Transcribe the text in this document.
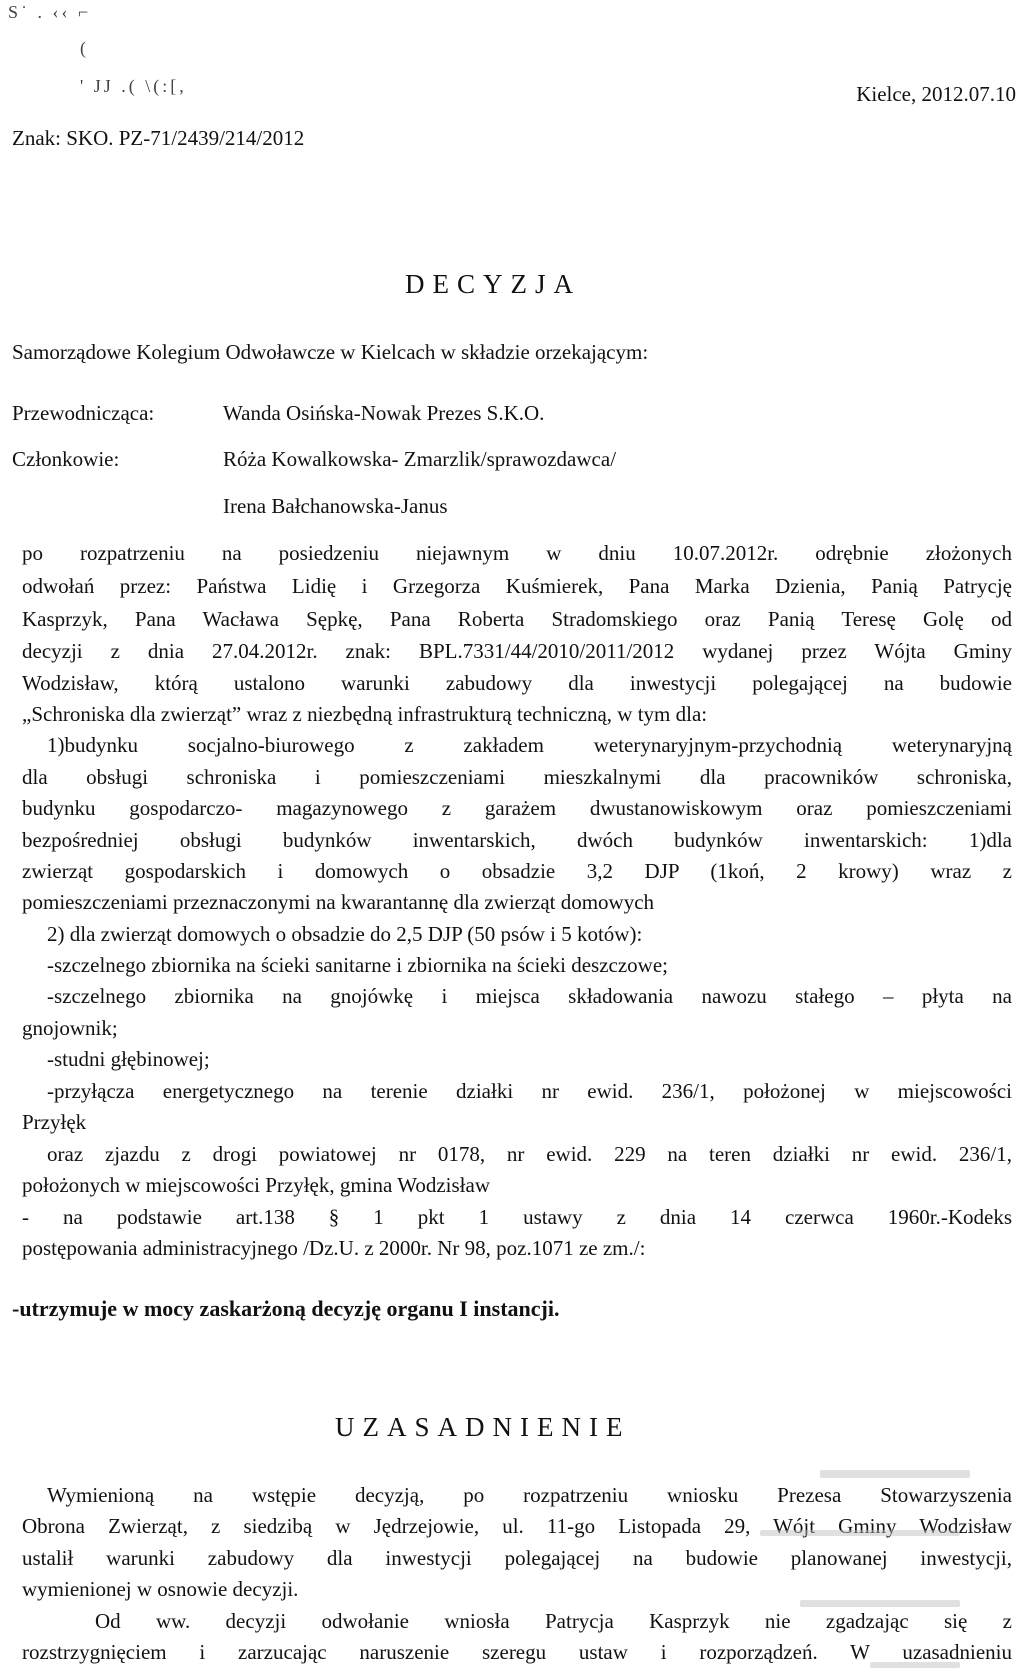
S˙ . ‹‹ ⌐
(
' JJ .( \(:[,	Kielce, 2012.07.10
Znak: SKO. PZ-71/2439/214/2012
DECYZJA
Samorządowe Kolegium Odwoławcze w Kielcach w składzie orzekającym:
Przewodnicząca:	Wanda Osińska-Nowak Prezes S.K.O.
Członkowie:	Róża Kowalkowska- Zmarzlik/sprawozdawca/
Irena Bałchanowska-Janus
po rozpatrzeniu na posiedzeniu niejawnym w dniu 10.07.2012r. odrębnie złożonych
odwołań przez: Państwa Lidię i Grzegorza Kuśmierek, Pana Marka Dzienia, Panią Patrycję
Kasprzyk, Pana Wacława Sępkę, Pana Roberta Stradomskiego oraz Panią Teresę Golę od
decyzji z dnia 27.04.2012r. znak: BPL.7331/44/2010/2011/2012 wydanej przez Wójta Gminy
Wodzisław, którą ustalono warunki zabudowy dla inwestycji polegającej na budowie
„Schroniska dla zwierząt” wraz z niezbędną infrastrukturą techniczną, w tym dla:
1)budynku socjalno-biurowego z zakładem weterynaryjnym-przychodnią weterynaryjną
dla obsługi schroniska i pomieszczeniami mieszkalnymi dla pracowników schroniska,
budynku gospodarczo- magazynowego z garażem dwustanowiskowym oraz pomieszczeniami
bezpośredniej obsługi budynków inwentarskich, dwóch budynków inwentarskich: 1)dla
zwierząt gospodarskich i domowych o obsadzie 3,2 DJP (1koń, 2 krowy) wraz z
pomieszczeniami przeznaczonymi na kwarantannę dla zwierząt domowych
2) dla zwierząt domowych o obsadzie do 2,5 DJP (50 psów i 5 kotów):
-szczelnego zbiornika na ścieki sanitarne i zbiornika na ścieki deszczowe;
-szczelnego zbiornika na gnojówkę i miejsca składowania nawozu stałego – płyta na
gnojownik;
-studni głębinowej;
-przyłącza energetycznego na terenie działki nr ewid. 236/1, położonej w miejscowości
Przyłęk
oraz zjazdu z drogi powiatowej nr 0178, nr ewid. 229 na teren działki nr ewid. 236/1,
położonych w miejscowości Przyłęk, gmina Wodzisław
- na podstawie art.138 § 1 pkt 1 ustawy z dnia 14 czerwca 1960r.-Kodeks
postępowania administracyjnego /Dz.U. z 2000r. Nr 98, poz.1071 ze zm./:
-utrzymuje w mocy zaskarżoną decyzję organu I instancji.
UZASADNIENIE
Wymienioną na wstępie decyzją, po rozpatrzeniu wniosku Prezesa Stowarzyszenia
Obrona Zwierząt, z siedzibą w Jędrzejowie, ul. 11-go Listopada 29, Wójt Gminy Wodzisław
ustalił warunki zabudowy dla inwestycji polegającej na budowie planowanej inwestycji,
wymienionej w osnowie decyzji.
Od ww. decyzji odwołanie wniosła Patrycja Kasprzyk nie zgadzając się z
rozstrzygnięciem i zarzucając naruszenie szeregu ustaw i rozporządzeń. W uzasadnieniu
